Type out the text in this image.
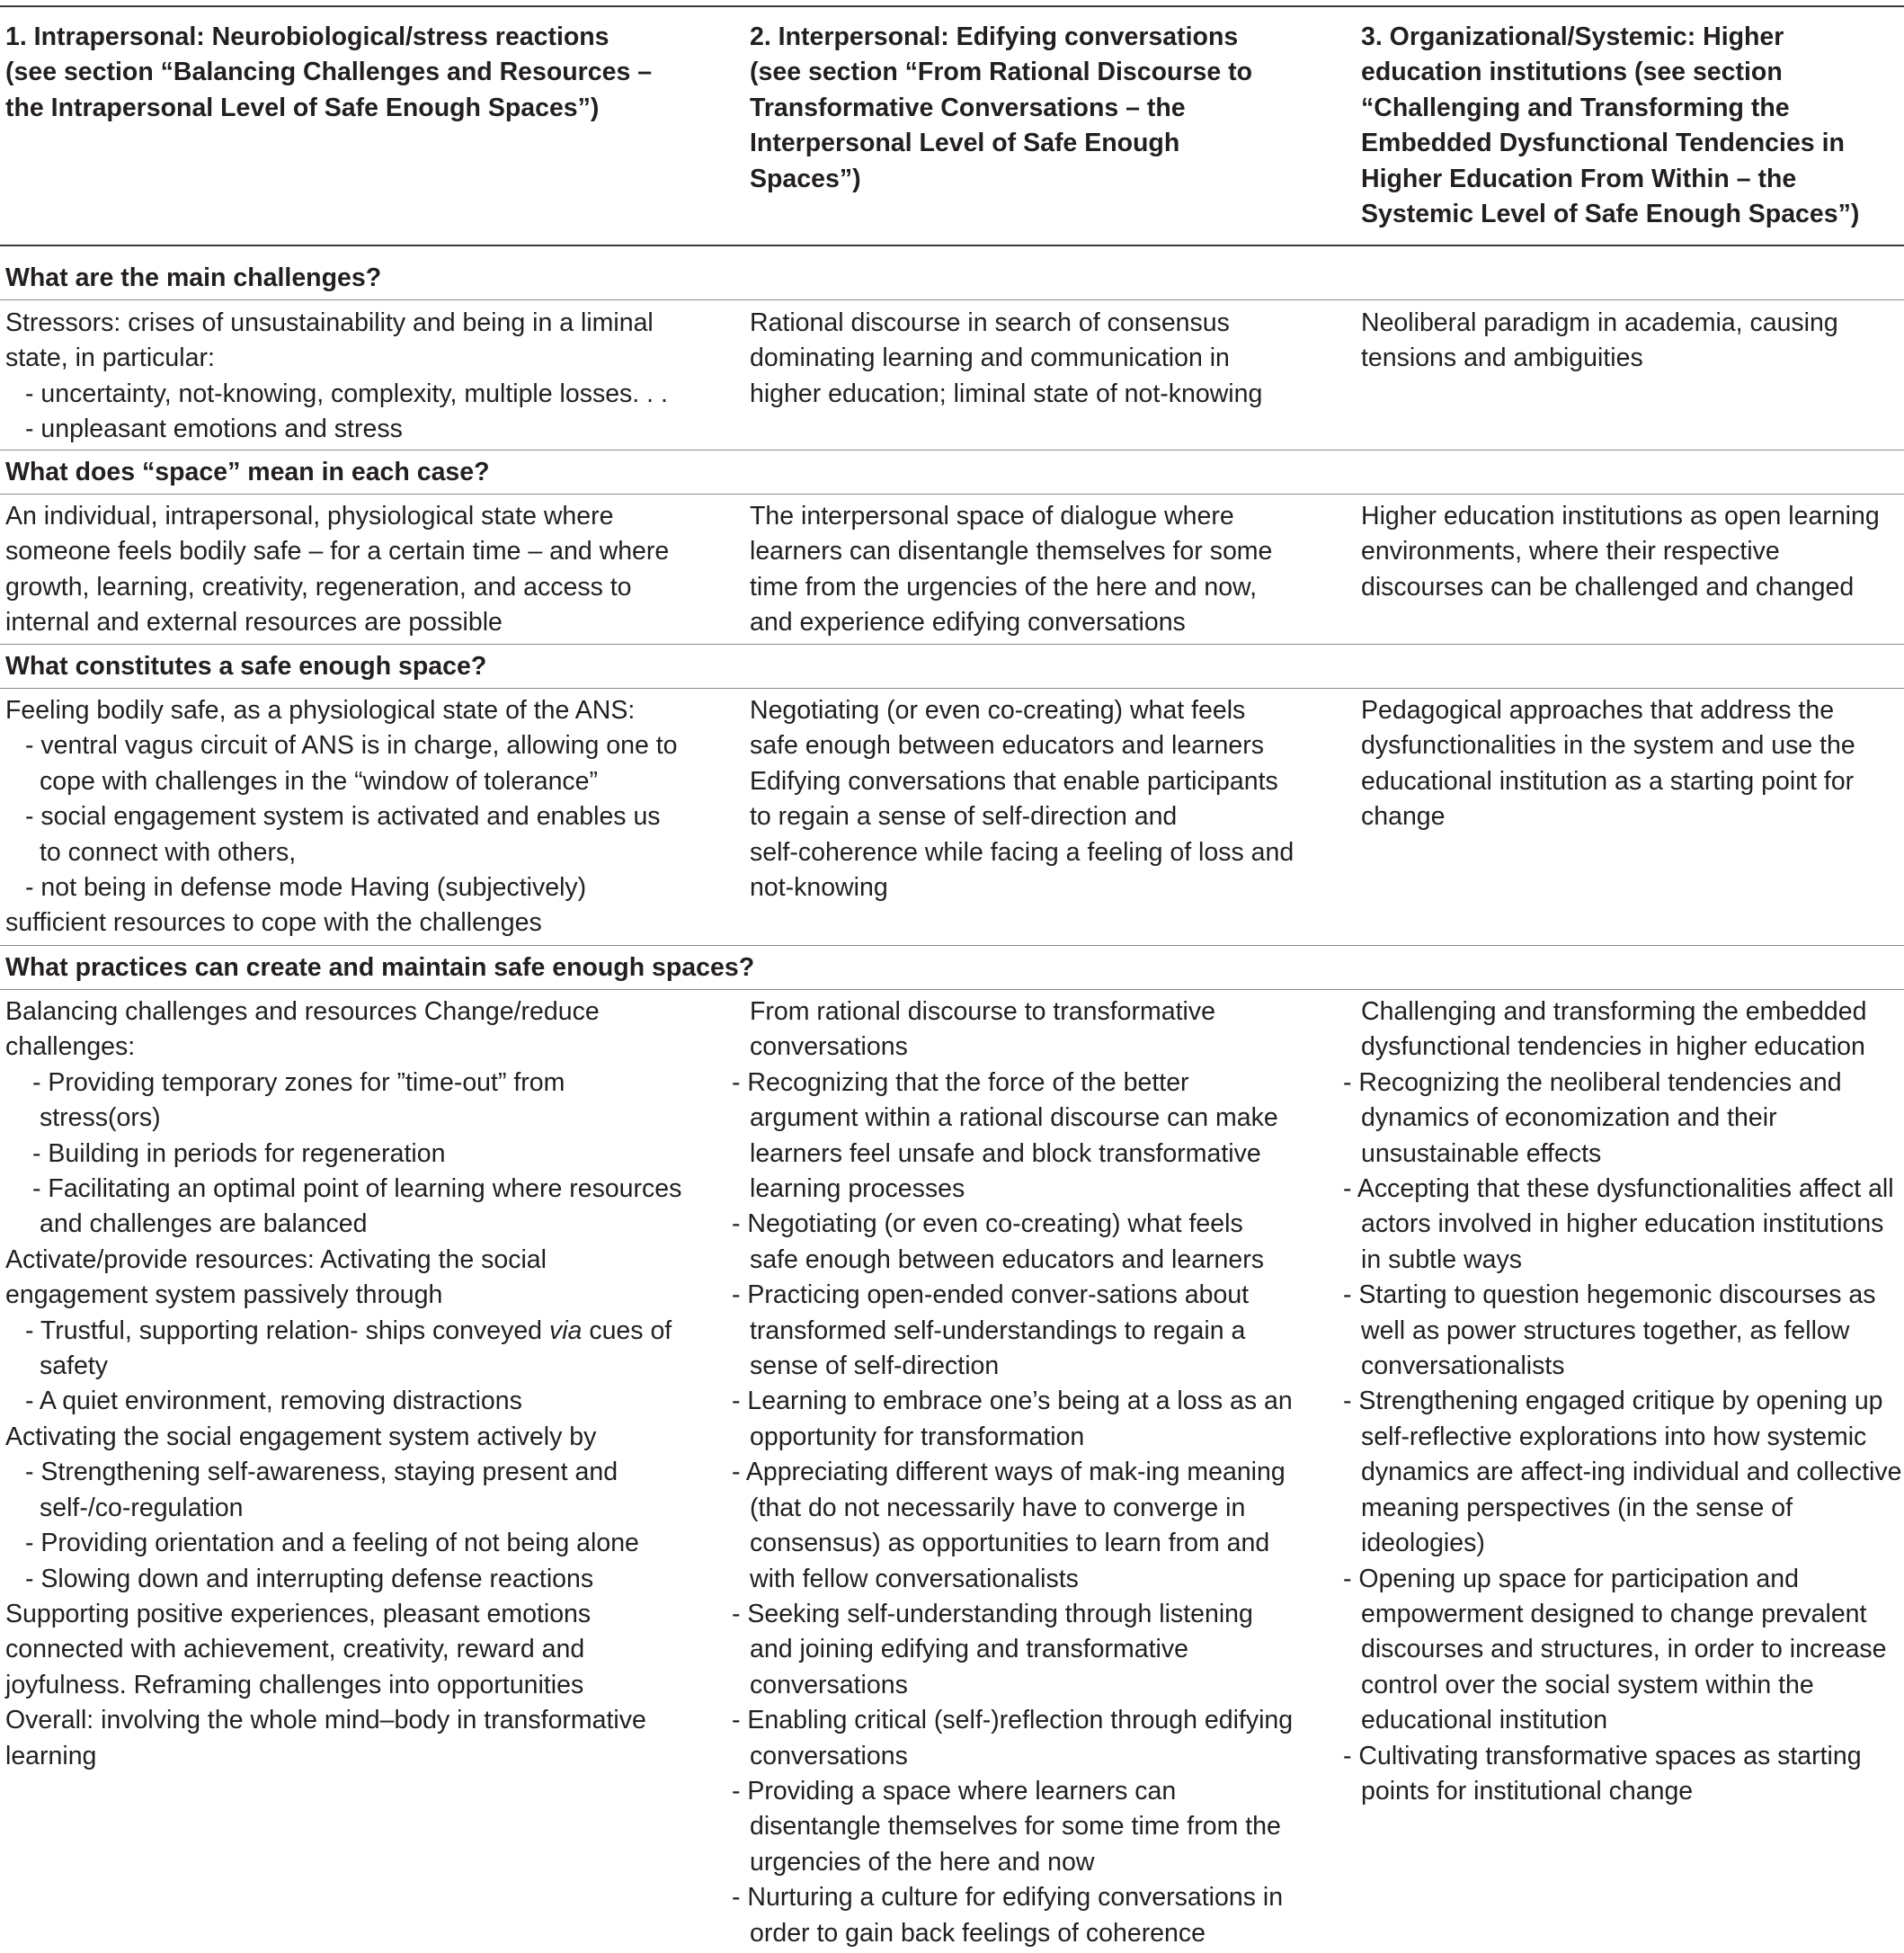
1. Intrapersonal: Neurobiological/stress reactions
(see section “Balancing Challenges and Resources –
the Intrapersonal Level of Safe Enough Spaces”)
2. Interpersonal: Edifying conversations
(see section “From Rational Discourse to
Transformative Conversations – the
Interpersonal Level of Safe Enough
Spaces”)
3. Organizational/Systemic: Higher
education institutions (see section
“Challenging and Transforming the
Embedded Dysfunctional Tendencies in
Higher Education From Within – the
Systemic Level of Safe Enough Spaces”)
What are the main challenges?
Stressors: crises of unsustainability and being in a liminal
state, in particular:
- uncertainty, not-knowing, complexity, multiple losses. . .
- unpleasant emotions and stress
Rational discourse in search of consensus
dominating learning and communication in
higher education; liminal state of not-knowing
Neoliberal paradigm in academia, causing
tensions and ambiguities
What does “space” mean in each case?
An individual, intrapersonal, physiological state where
someone feels bodily safe – for a certain time – and where
growth, learning, creativity, regeneration, and access to
internal and external resources are possible
The interpersonal space of dialogue where
learners can disentangle themselves for some
time from the urgencies of the here and now,
and experience edifying conversations
Higher education institutions as open learning
environments, where their respective
discourses can be challenged and changed
What constitutes a safe enough space?
Feeling bodily safe, as a physiological state of the ANS:
- ventral vagus circuit of ANS is in charge, allowing one to
cope with challenges in the “window of tolerance”
- social engagement system is activated and enables us
to connect with others,
- not being in defense mode Having (subjectively)
sufficient resources to cope with the challenges
Negotiating (or even co-creating) what feels
safe enough between educators and learners
Edifying conversations that enable participants
to regain a sense of self-direction and
self-coherence while facing a feeling of loss and
not-knowing
Pedagogical approaches that address the
dysfunctionalities in the system and use the
educational institution as a starting point for
change
What practices can create and maintain safe enough spaces?
Balancing challenges and resources Change/reduce
challenges:
- Providing temporary zones for ”time-out” from
stress(ors)
- Building in periods for regeneration
- Facilitating an optimal point of learning where resources
and challenges are balanced
Activate/provide resources: Activating the social
engagement system passively through
- Trustful, supporting relation- ships conveyed via cues of
safety
- A quiet environment, removing distractions
Activating the social engagement system actively by
- Strengthening self-awareness, staying present and
self-/co-regulation
- Providing orientation and a feeling of not being alone
- Slowing down and interrupting defense reactions
Supporting positive experiences, pleasant emotions
connected with achievement, creativity, reward and
joyfulness. Reframing challenges into opportunities
Overall: involving the whole mind–body in transformative
learning
From rational discourse to transformative
conversations
- Recognizing that the force of the better
argument within a rational discourse can make
learners feel unsafe and block transformative
learning processes
- Negotiating (or even co-creating) what feels
safe enough between educators and learners
- Practicing open-ended conver-sations about
transformed self-understandings to regain a
sense of self-direction
- Learning to embrace one’s being at a loss as an
opportunity for transformation
- Appreciating different ways of mak-ing meaning
(that do not necessarily have to converge in
consensus) as opportunities to learn from and
with fellow conversationalists
- Seeking self-understanding through listening
and joining edifying and transformative
conversations
- Enabling critical (self-)reflection through edifying
conversations
- Providing a space where learners can
disentangle themselves for some time from the
urgencies of the here and now
- Nurturing a culture for edifying conversations in
order to gain back feelings of coherence
Challenging and transforming the embedded
dysfunctional tendencies in higher education
- Recognizing the neoliberal tendencies and
dynamics of economization and their
unsustainable effects
- Accepting that these dysfunctionalities affect all
actors involved in higher education institutions
in subtle ways
- Starting to question hegemonic discourses as
well as power structures together, as fellow
conversationalists
- Strengthening engaged critique by opening up
self-reflective explorations into how systemic
dynamics are affect-ing individual and collective
meaning perspectives (in the sense of
ideologies)
- Opening up space for participation and
empowerment designed to change prevalent
discourses and structures, in order to increase
control over the social system within the
educational institution
- Cultivating transformative spaces as starting
points for institutional change
